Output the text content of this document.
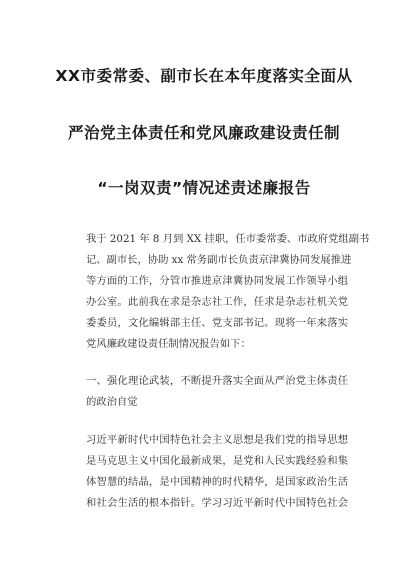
XX市委常委、副市长在本年度落实全面从
严治党主体责任和党风廉政建设责任制
“一岗双责”情况述责述廉报告
我于 2021 年 8 月到 XX 挂职，任市委常委、市政府党组副书
记、副市长，协助 xx 常务副市长负责京津冀协同发展推进
等方面的工作，分管市推进京津冀协同发展工作领导小组
办公室。此前我在求是杂志社工作，任求是杂志社机关党
委委员，文化编辑部主任、党支部书记。现将一年来落实
党风廉政建设责任制情况报告如下：
一、强化理论武装，不断提升落实全面从严治党主体责任
的政治自觉
习近平新时代中国特色社会主义思想是我们党的指导思想
是马克思主义中国化最新成果，是党和人民实践经验和集
体智慧的结晶，是中国精神的时代精华，是国家政治生活
和社会生活的根本指针。学习习近平新时代中国特色社会
